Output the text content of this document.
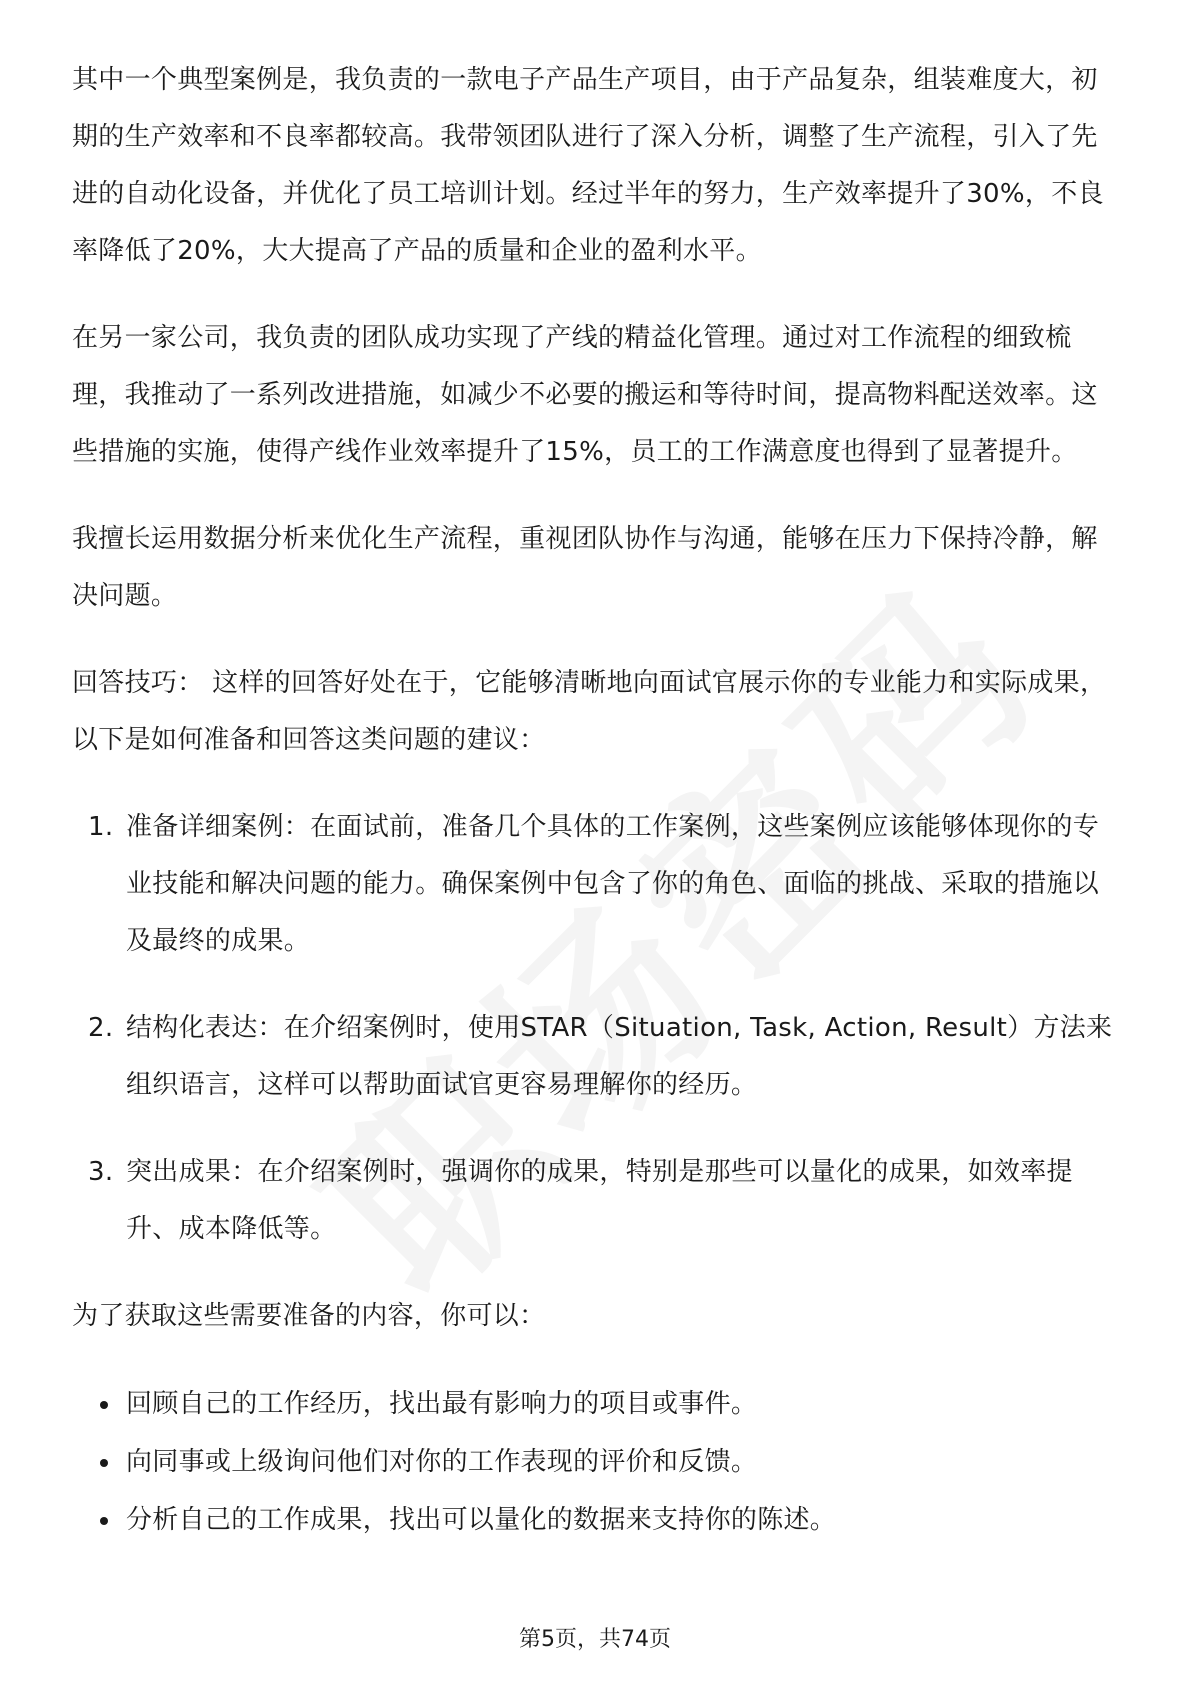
其中一个典型案例是，我负责的一款电子产品生产项目，由于产品复杂，组装难度大，初期的生产效率和不良率都较高。我带领团队进行了深入分析，调整了生产流程，引入了先进的自动化设备，并优化了员工培训计划。经过半年的努力，生产效率提升了30%，不良率降低了20%，大大提高了产品的质量和企业的盈利水平。

在另一家公司，我负责的团队成功实现了产线的精益化管理。通过对工作流程的细致梳理，我推动了一系列改进措施，如减少不必要的搬运和等待时间，提高物料配送效率。这些措施的实施，使得产线作业效率提升了15%，员工的工作满意度也得到了显著提升。

我擅长运用数据分析来优化生产流程，重视团队协作与沟通，能够在压力下保持冷静，解决问题。

回答技巧： 这样的回答好处在于，它能够清晰地向面试官展示你的专业能力和实际成果，以下是如何准备和回答这类问题的建议：

1. 准备详细案例：在面试前，准备几个具体的工作案例，这些案例应该能够体现你的专业技能和解决问题的能力。确保案例中包含了你的角色、面临的挑战、采取的措施以及最终的成果。
2. 结构化表达：在介绍案例时，使用STAR（Situation, Task, Action, Result）方法来组织语言，这样可以帮助面试官更容易理解你的经历。
3. 突出成果：在介绍案例时，强调你的成果，特别是那些可以量化的成果，如效率提升、成本降低等。

为了获取这些需要准备的内容，你可以：

回顾自己的工作经历，找出最有影响力的项目或事件。
向同事或上级询问他们对你的工作表现的评价和反馈。
分析自己的工作成果，找出可以量化的数据来支持你的陈述。
第5页，共74页
